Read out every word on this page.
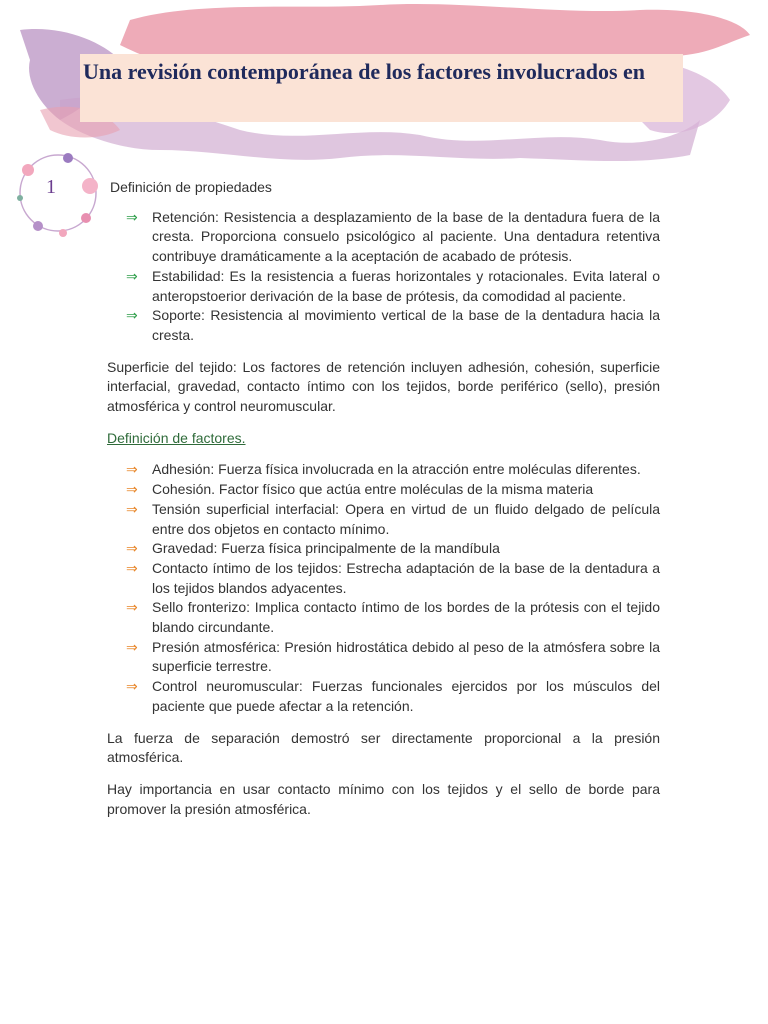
Una revisión contemporánea de los factores involucrados en
1	Definición de propiedades
⇒ Retención: Resistencia a desplazamiento de la base de la dentadura fuera de la cresta. Proporciona consuelo psicológico al paciente. Una dentadura retentiva contribuye dramáticamente a la aceptación de acabado de prótesis.
⇒ Estabilidad: Es la resistencia a fueras horizontales y rotacionales. Evita lateral o anteropstoerior derivación de la base de prótesis, da comodidad al paciente.
⇒ Soporte: Resistencia al movimiento vertical de la base de la dentadura hacia la cresta.

Superficie del tejido: Los factores de retención incluyen adhesión, cohesión, superficie interfacial, gravedad, contacto íntimo con los tejidos, borde periférico (sello), presión atmosférica y control neuromuscular.

Definición de factores.
⇒ Adhesión: Fuerza física involucrada en la atracción entre moléculas diferentes.
⇒ Cohesión. Factor físico que actúa entre moléculas de la misma materia
⇒ Tensión superficial interfacial: Opera en virtud de un fluido delgado de película entre dos objetos en contacto mínimo.
⇒ Gravedad: Fuerza física principalmente de la mandíbula
⇒ Contacto íntimo de los tejidos: Estrecha adaptación de la base de la dentadura a los tejidos blandos adyacentes.
⇒ Sello fronterizo: Implica contacto íntimo de los bordes de la prótesis con el tejido blando circundante.
⇒ Presión atmosférica: Presión hidrostática debido al peso de la atmósfera sobre la superficie terrestre.
⇒ Control neuromuscular: Fuerzas funcionales ejercidos por los músculos del paciente que puede afectar a la retención.

La fuerza de separación demostró ser directamente proporcional a la presión atmosférica.

Hay importancia en usar contacto mínimo con los tejidos y el sello de borde para promover la presión atmosférica.
